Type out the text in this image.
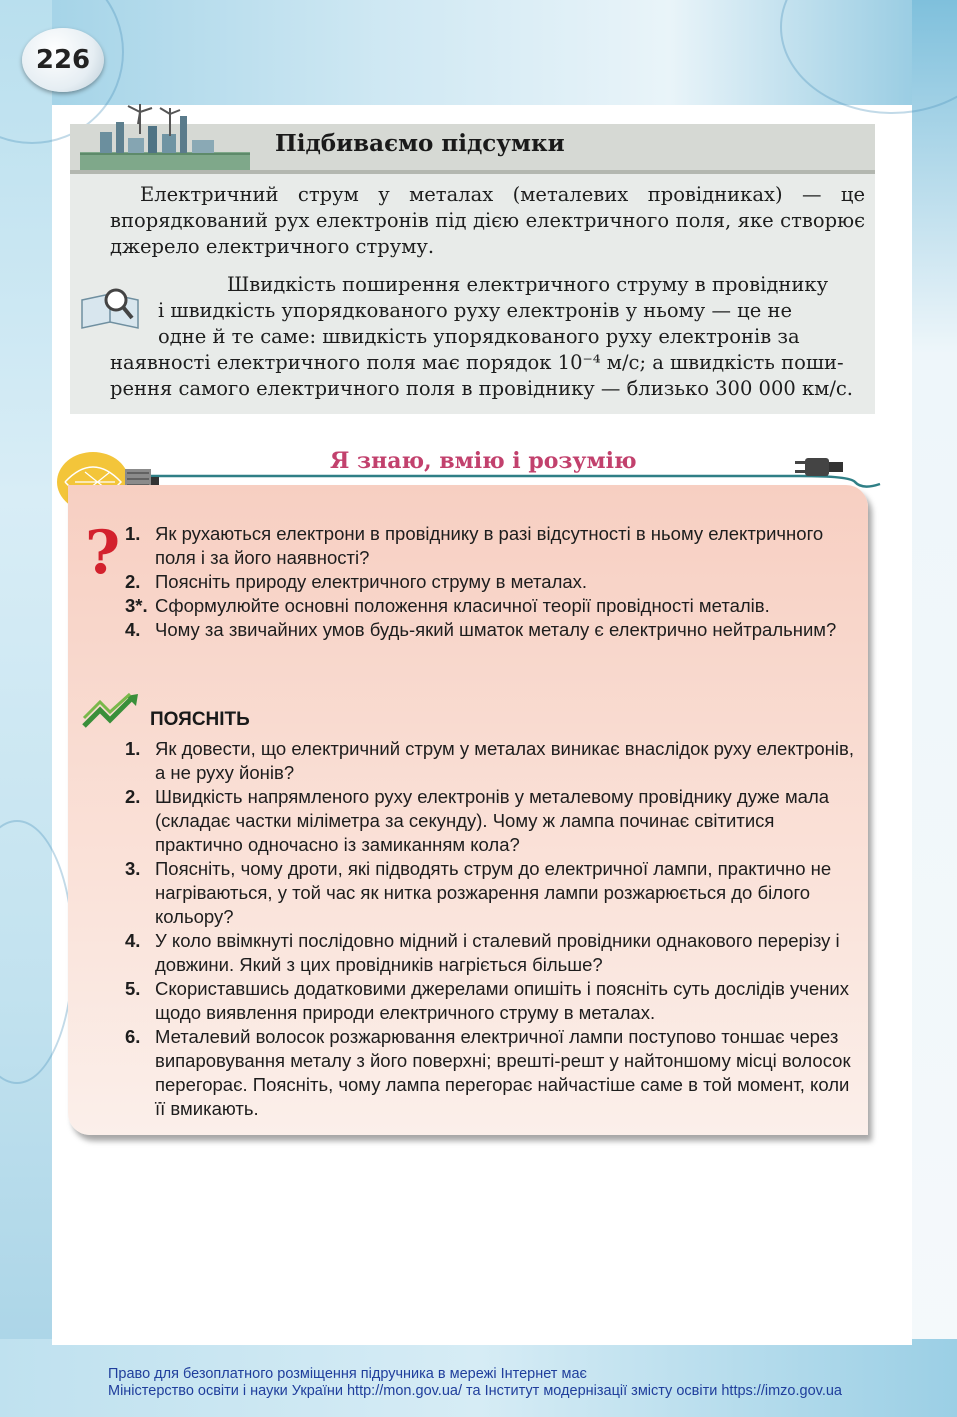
226
Підбиваємо підсумки

Електричний струм у металах (металевих провідниках) — це впорядкований рух електронів під дією електричного поля, яке створює джерело електричного струму.

Швидкість поширення електричного струму в провіднику
і швидкість упорядкованого руху електронів у ньому — це не
одне й те саме: швидкість упорядкованого руху електронів за
наявності електричного поля має порядок 10⁻⁴ м/с; а швидкість поши-
рення самого електричного поля в провіднику — близько 300 000 км/с.
Я знаю, вмію і розумію
? 1. Як рухаються електрони в провіднику в разі відсутності в ньому електричного поля і за його наявності?
2. Поясніть природу електричного струму в металах.
3*. Сформулюйте основні положення класичної теорії провідності металів.
4. Чому за звичайних умов будь-який шматок металу є електрично нейтральним?
ПОЯСНІТЬ
1. Як довести, що електричний струм у металах виникає внаслідок руху електронів, а не руху йонів?
2. Швидкість напрямленого руху електронів у металевому провіднику дуже мала (складає частки міліметра за секунду). Чому ж лампа починає світитися практично одночасно із замиканням кола?
3. Поясніть, чому дроти, які підводять струм до електричної лампи, практично не нагріваються, у той час як нитка розжарення лампи розжарюється до білого кольору?
4. У коло ввімкнуті послідовно мідний і сталевий провідники однакового перерізу і довжини. Який з цих провідників нагріється більше?
5. Скориставшись додатковими джерелами опишіть і поясніть суть дослідів учених щодо виявлення природи електричного струму в металах.
6. Металевий волосок розжарювання електричної лампи поступово тоншає через випаровування металу з його поверхні; врешті-решт у найтоншому місці волосок перегорає. Поясніть, чому лампа перегорає найчастіше саме в той момент, коли її вмикають.
Право для безоплатного розміщення підручника в мережі Інтернет має
Міністерство освіти і науки України http://mon.gov.ua/ та Інститут модернізації змісту освіти https://imzo.gov.ua
